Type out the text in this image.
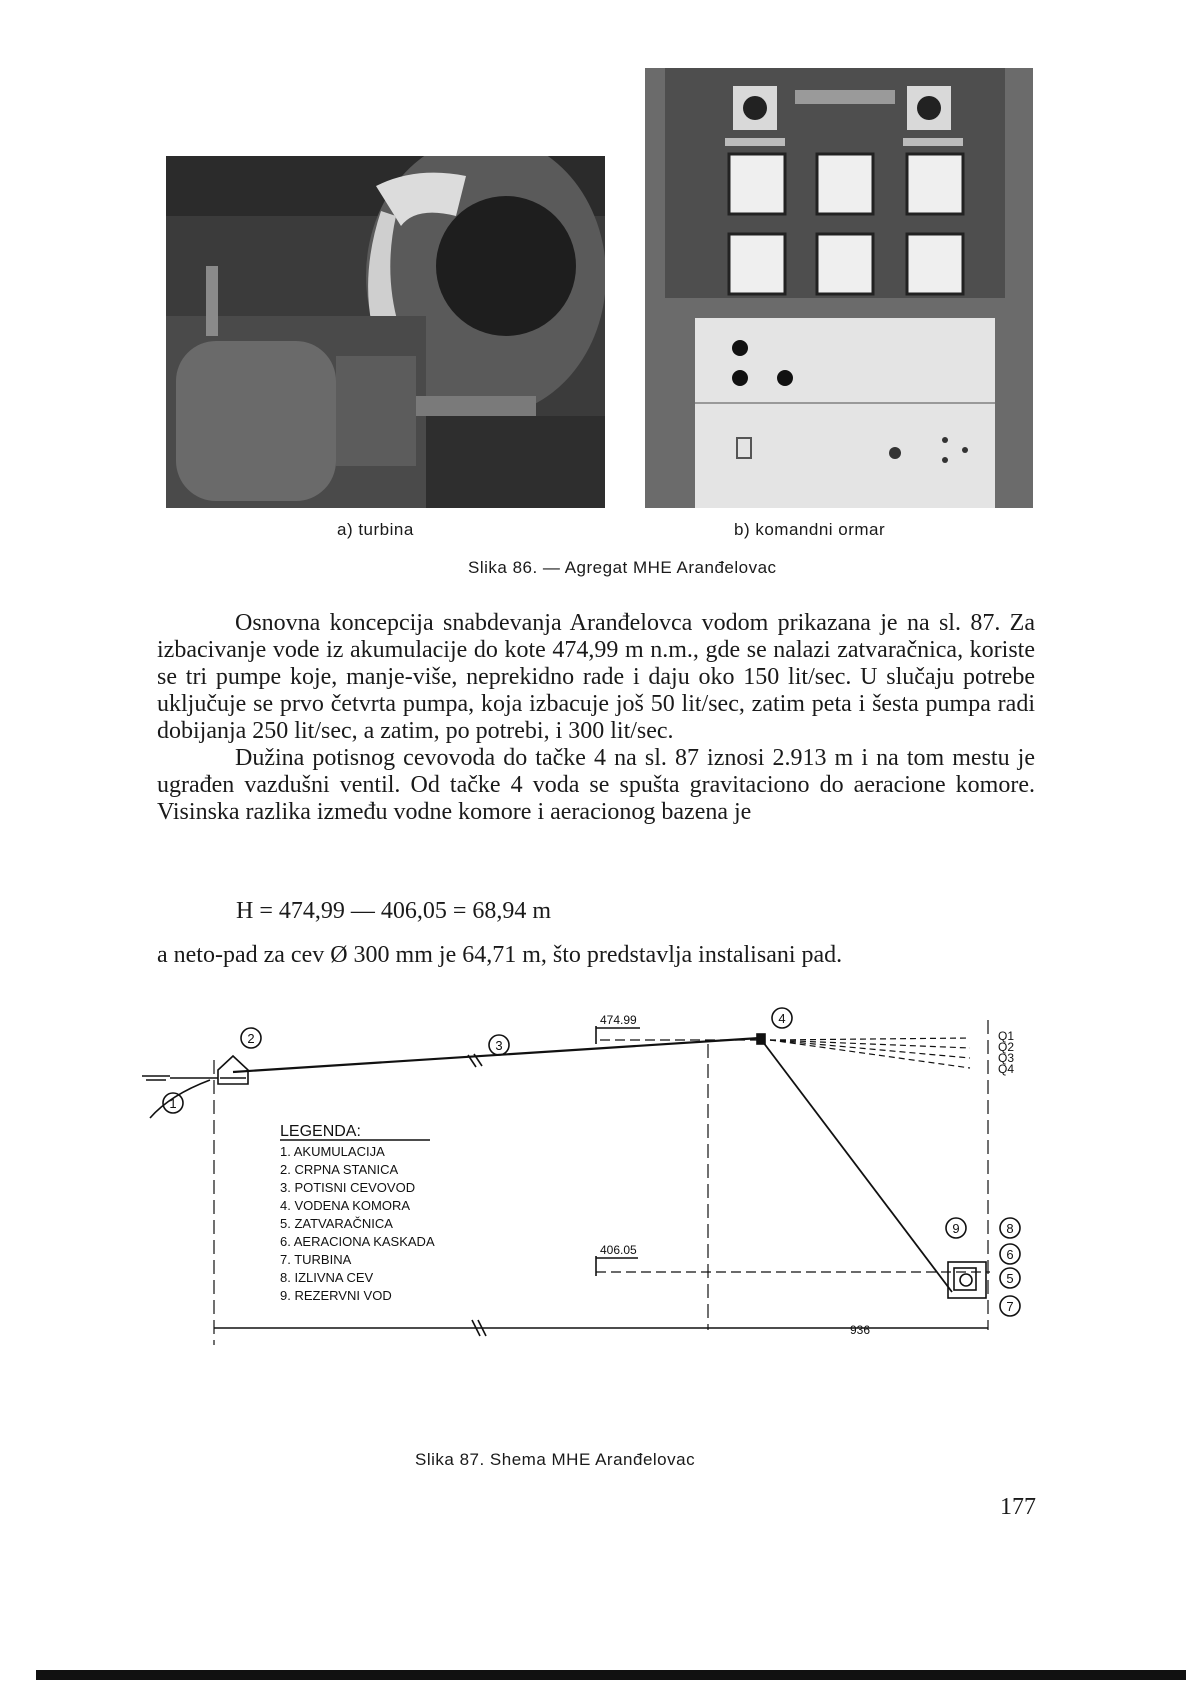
a) turbina	b) komandni ormar
Slika 86. — Agregat MHE Aranđelovac

Osnovna koncepcija snabdevanja Aranđelovca vodom prikazana je na sl. 87. Za izbacivanje vode iz akumulacije do kote 474,99 m n.m., gde se nalazi zatvaračnica, koriste se tri pumpe koje, manje-više, neprekidno rade i daju oko 150 lit/sec. U slučaju potrebe uključuje se prvo četvrta pumpa, koja izbacuje još 50 lit/sec, zatim peta i šesta pumpa radi dobijanja 250 lit/sec, a zatim, po potrebi, i 300 lit/sec.

Dužina potisnog cevovoda do tačke 4 na sl. 87 iznosi 2.913 m i na tom mestu je ugrađen vazdušni ventil. Od tačke 4 voda se spušta gravitaciono do aeracione komore. Visinska razlika između vodne komore i aeracionog bazena je

H = 474,99 — 406,05 = 68,94 m
a neto-pad za cev Ø 300 mm je 64,71 m, što predstavlja instalisani pad.
2
1
3
4
9	8
6
5
7
474.99
406.05
936
Q1
Q2
Q3
Q4
LEGENDA:
1. AKUMULACIJA
2. CRPNA STANICA
3. POTISNI CEVOVOD
4. VODENA KOMORA
5. ZATVARAČNICA
6. AERACIONA KASKADA
7. TURBINA
8. IZLIVNA CEV
9. REZERVNI VOD
Slika 87. Shema MHE Aranđelovac
177
